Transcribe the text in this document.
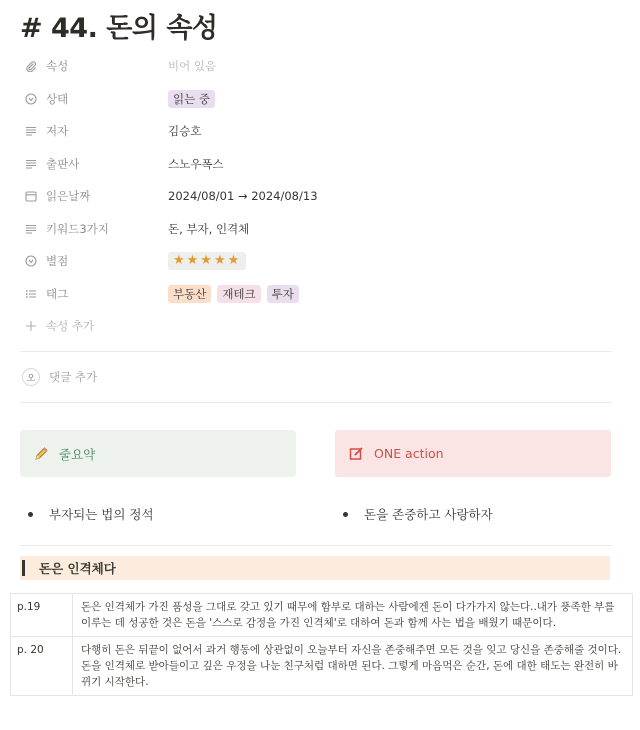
# 44. 돈의 속성
속성	비어 있음
상태	읽는 중
저자	김승호
출판사	스노우폭스
읽은날짜	2024/08/01 → 2024/08/13
키워드3가지	돈, 부자, 인격체
별점	★★★★★
태그	부동산	재테크	투자
속성 추가
오	댓글 추가
줄요약	ONE action
부자되는 법의 정석	돈을 존중하고 사랑하자
돈은 인격체다
p.19	돈은 인격체가 가진 품성을 그대로 갖고 있기 때무에 함부로 대하는 사람에겐 돈이 다가가지 않는다..내가 풍족한 부를 이루는 데 성공한 것은 돈을 '스스로 감정을 가진 인격체'로 대하여 돈과 함께 사는 법을 배웠기 때문이다.
p. 20	다행히 돈은 뒤끝이 없어서 과거 행동에 상관없이 오늘부터 자신을 존중해주면 모든 것을 잊고 당신을 존중해줄 것이다. 돈을 인격체로 받아들이고 깊은 우정을 나눈 친구처럼 대하면 된다. 그렇게 마음먹은 순간, 돈에 대한 태도는 완전히 바뀌기 시작한다.
